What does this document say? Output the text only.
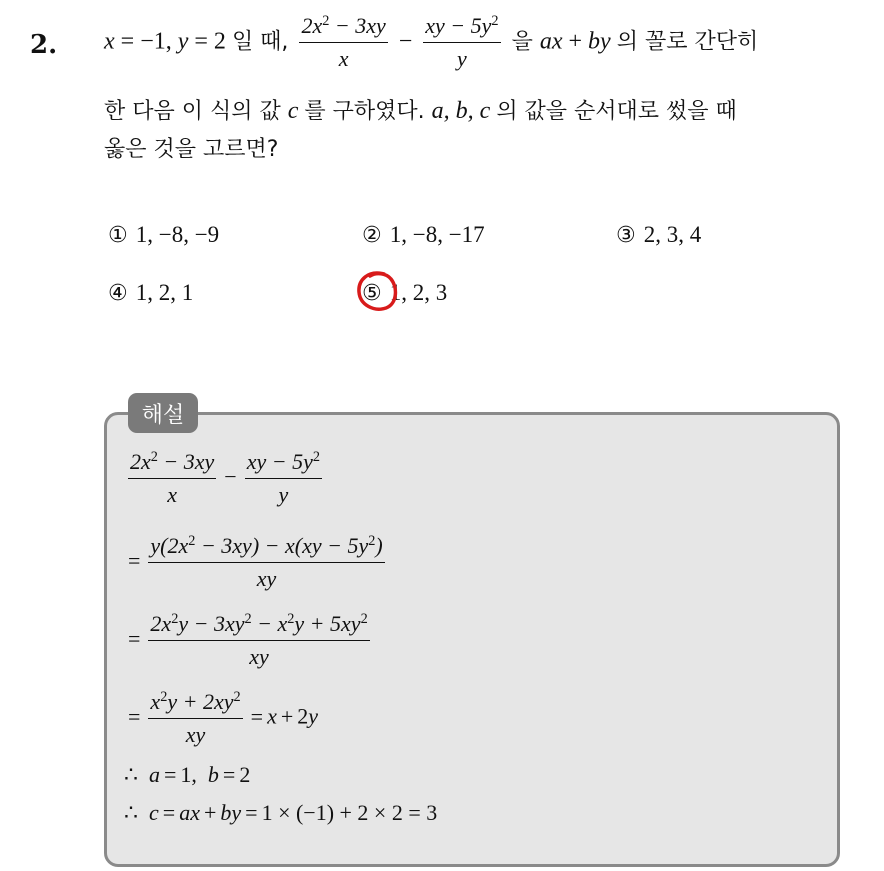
2. x = −1, y = 2 일 때, $\frac{2x^2 - 3xy}{x} - \frac{xy - 5y^2}{y}$ 을 ax + by 의 꼴로 간단히
한 다음 이 식의 값 c 를 구하였다. a, b, c 의 값을 순서대로 썼을 때
옳은 것을 고르면?
① 1, −8, −9	② 1, −8, −17	③ 2, 3, 4
④ 1, 2, 1	⑤ 1, 2, 3
해설
$\frac{2x^2 - 3xy}{x} - \frac{xy - 5y^2}{y}$
= $\frac{y(2x^2 - 3xy) - x(xy - 5y^2)}{xy}$
= $\frac{2x^2y - 3xy^2 - x^2y + 5xy^2}{xy}$
= $\frac{x^2y + 2xy^2}{xy} = x + 2y$
∴  a = 1,  b = 2
∴  c = ax + by = 1 × (−1) + 2 × 2 = 3
